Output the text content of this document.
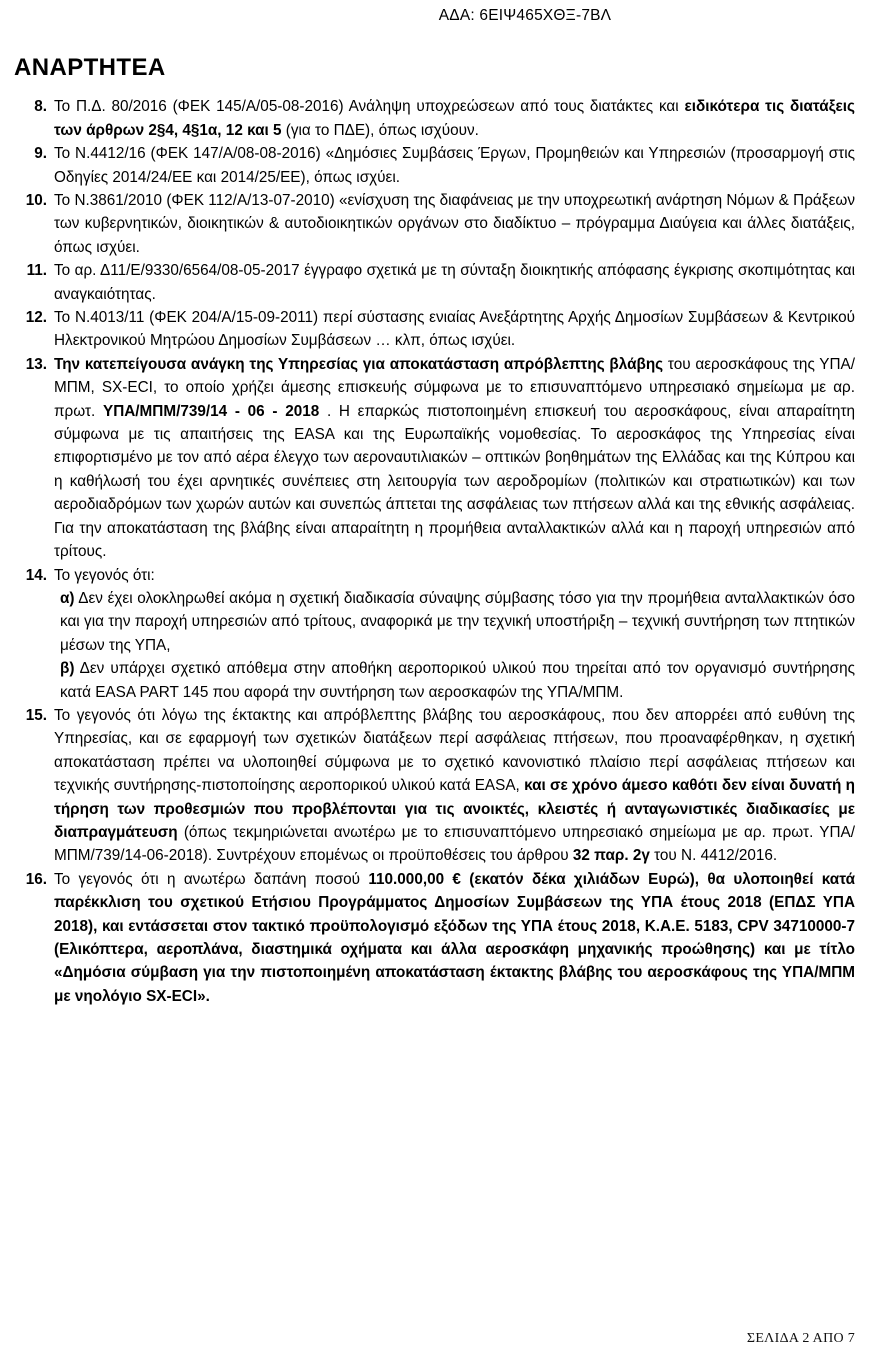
ΑΔΑ: 6ΕΙΨ465ΧΘΞ-7ΒΛ
ΑΝΑΡΤΗΤΕΑ
8. Το Π.Δ. 80/2016 (ΦΕΚ 145/Α/05-08-2016) Ανάληψη υποχρεώσεων από τους διατάκτες και ειδικότερα τις διατάξεις των άρθρων 2§4, 4§1α, 12 και 5 (για το ΠΔΕ), όπως ισχύουν.
9. Το Ν.4412/16 (ΦΕΚ 147/Α/08-08-2016) «Δημόσιες Συμβάσεις Έργων, Προμηθειών και Υπηρεσιών (προσαρμογή στις Οδηγίες 2014/24/ΕΕ και 2014/25/ΕΕ), όπως ισχύει.
10. Το Ν.3861/2010 (ΦΕΚ 112/Α/13-07-2010) «ενίσχυση της διαφάνειας με την υποχρεωτική ανάρτηση Νόμων & Πράξεων των κυβερνητικών, διοικητικών & αυτοδιοικητικών οργάνων στο διαδίκτυο – πρόγραμμα Διαύγεια και άλλες διατάξεις, όπως ισχύει.
11. Το αρ. Δ11/Ε/9330/6564/08-05-2017 έγγραφο σχετικά με τη σύνταξη διοικητικής απόφασης έγκρισης σκοπιμότητας και αναγκαιότητας.
12. Το Ν.4013/11 (ΦΕΚ 204/Α/15-09-2011) περί σύστασης ενιαίας Ανεξάρτητης Αρχής Δημοσίων Συμβάσεων & Κεντρικού Ηλεκτρονικού Μητρώου Δημοσίων Συμβάσεων … κλπ, όπως ισχύει.
13. Την κατεπείγουσα ανάγκη της Υπηρεσίας για αποκατάσταση απρόβλεπτης βλάβης του αεροσκάφους της ΥΠΑ/ΜΠΜ, SX-ECI, το οποίο χρήζει άμεσης επισκευής σύμφωνα με το επισυναπτόμενο υπηρεσιακό σημείωμα με αρ. πρωτ. ΥΠΑ/ΜΠΜ/739/14 - 06 - 2018 . Η επαρκώς πιστοποιημένη επισκευή του αεροσκάφους, είναι απαραίτητη σύμφωνα με τις απαιτήσεις της EASA και της Ευρωπαϊκής νομοθεσίας. Το αεροσκάφος της Υπηρεσίας είναι επιφορτισμένο με τον από αέρα έλεγχο των αεροναυτιλιακών – οπτικών βοηθημάτων της Ελλάδας και της Κύπρου και η καθήλωσή του έχει αρνητικές συνέπειες στη λειτουργία των αεροδρομίων (πολιτικών και στρατιωτικών) και των αεροδιαδρόμων των χωρών αυτών και συνεπώς άπτεται της ασφάλειας των πτήσεων αλλά και της εθνικής ασφάλειας. Για την αποκατάσταση της βλάβης είναι απαραίτητη η προμήθεια ανταλλακτικών αλλά και η παροχή υπηρεσιών από τρίτους.
14. Το γεγονός ότι:
α) Δεν έχει ολοκληρωθεί ακόμα η σχετική διαδικασία σύναψης σύμβασης τόσο για την προμήθεια ανταλλακτικών όσο και για την παροχή υπηρεσιών από τρίτους, αναφορικά με την τεχνική υποστήριξη – τεχνική συντήρηση των πτητικών μέσων της ΥΠΑ,
β) Δεν υπάρχει σχετικό απόθεμα στην αποθήκη αεροπορικού υλικού που τηρείται από τον οργανισμό συντήρησης κατά EASA PART 145 που αφορά την συντήρηση των αεροσκαφών της ΥΠΑ/ΜΠΜ.
15. Το γεγονός ότι λόγω της έκτακτης και απρόβλεπτης βλάβης του αεροσκάφους, που δεν απορρέει από ευθύνη της Υπηρεσίας, και σε εφαρμογή των σχετικών διατάξεων περί ασφάλειας πτήσεων, που προαναφέρθηκαν, η σχετική αποκατάσταση πρέπει να υλοποιηθεί σύμφωνα με το σχετικό κανονιστικό πλαίσιο περί ασφάλειας πτήσεων και τεχνικής συντήρησης-πιστοποίησης αεροπορικού υλικού κατά EASA, και σε χρόνο άμεσο καθότι δεν είναι δυνατή η τήρηση των προθεσμιών που προβλέπονται για τις ανοικτές, κλειστές ή ανταγωνιστικές διαδικασίες με διαπραγμάτευση (όπως τεκμηριώνεται ανωτέρω με το επισυναπτόμενο υπηρεσιακό σημείωμα με αρ. πρωτ. ΥΠΑ/ΜΠΜ/739/14-06-2018). Συντρέχουν επομένως οι προϋποθέσεις του άρθρου 32 παρ. 2γ του Ν. 4412/2016.
16. Το γεγονός ότι η ανωτέρω δαπάνη ποσού 110.000,00 € (εκατόν δέκα χιλιάδων Ευρώ), θα υλοποιηθεί κατά παρέκκλιση του σχετικού Ετήσιου Προγράμματος Δημοσίων Συμβάσεων της ΥΠΑ έτους 2018 (ΕΠΔΣ ΥΠΑ 2018), και εντάσσεται στον τακτικό προϋπολογισμό εξόδων της ΥΠΑ έτους 2018, Κ.Α.Ε. 5183, CPV 34710000-7 (Ελικόπτερα, αεροπλάνα, διαστημικά οχήματα και άλλα αεροσκάφη μηχανικής προώθησης) και με τίτλο «Δημόσια σύμβαση για την πιστοποιημένη αποκατάσταση έκτακτης βλάβης του αεροσκάφους της ΥΠΑ/ΜΠΜ με νηολόγιο SX-ECI».
ΣΕΛΙΔΑ 2 ΑΠΟ 7
